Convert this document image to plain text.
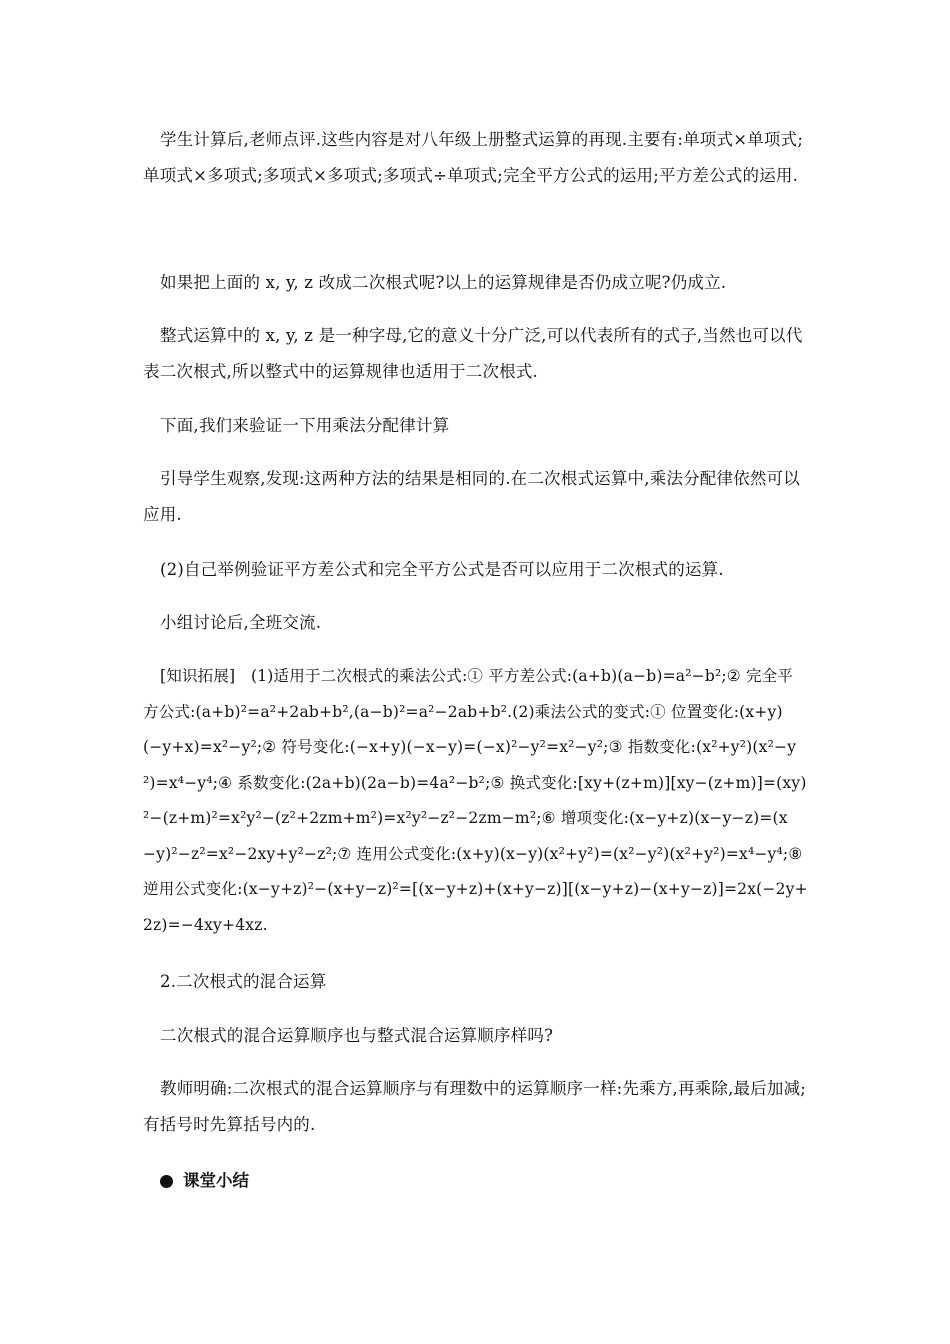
学生计算后,老师点评.这些内容是对八年级上册整式运算的再现.主要有:单项式×单项式;单项式×多项式;多项式×多项式;多项式÷单项式;完全平方公式的运用;平方差公式的运用.

如果把上面的 x, y, z 改成二次根式呢?以上的运算规律是否仍成立呢?仍成立.

整式运算中的 x, y, z 是一种字母,它的意义十分广泛,可以代表所有的式子,当然也可以代表二次根式,所以整式中的运算规律也适用于二次根式.

下面,我们来验证一下用乘法分配律计算

引导学生观察,发现:这两种方法的结果是相同的.在二次根式运算中,乘法分配律依然可以应用.

(2)自己举例验证平方差公式和完全平方公式是否可以应用于二次根式的运算.

小组讨论后,全班交流.

[知识拓展]　(1)适用于二次根式的乘法公式:① 平方差公式:(a+b)(a−b)=a²−b²;② 完全平方公式:(a+b)²=a²+2ab+b²,(a−b)²=a²−2ab+b².(2)乘法公式的变式:① 位置变化:(x+y)(−y+x)=x²−y²;② 符号变化:(−x+y)(−x−y)=(−x)²−y²=x²−y²;③ 指数变化:(x²+y²)(x²−y²)=x⁴−y⁴;④ 系数变化:(2a+b)(2a−b)=4a²−b²;⑤ 换式变化:[xy+(z+m)][xy−(z+m)]=(xy)²−(z+m)²=x²y²−(z²+2zm+m²)=x²y²−z²−2zm−m²;⑥ 增项变化:(x−y+z)(x−y−z)=(x−y)²−z²=x²−2xy+y²−z²;⑦ 连用公式变化:(x+y)(x−y)(x²+y²)=(x²−y²)(x²+y²)=x⁴−y⁴;⑧ 逆用公式变化:(x−y+z)²−(x+y−z)²=[(x−y+z)+(x+y−z)][(x−y+z)−(x+y−z)]=2x(−2y+2z)=−4xy+4xz.

2.二次根式的混合运算

二次根式的混合运算顺序也与整式混合运算顺序样吗?

教师明确:二次根式的混合运算顺序与有理数中的运算顺序一样:先乘方,再乘除,最后加减;有括号时先算括号内的.

课堂小结
